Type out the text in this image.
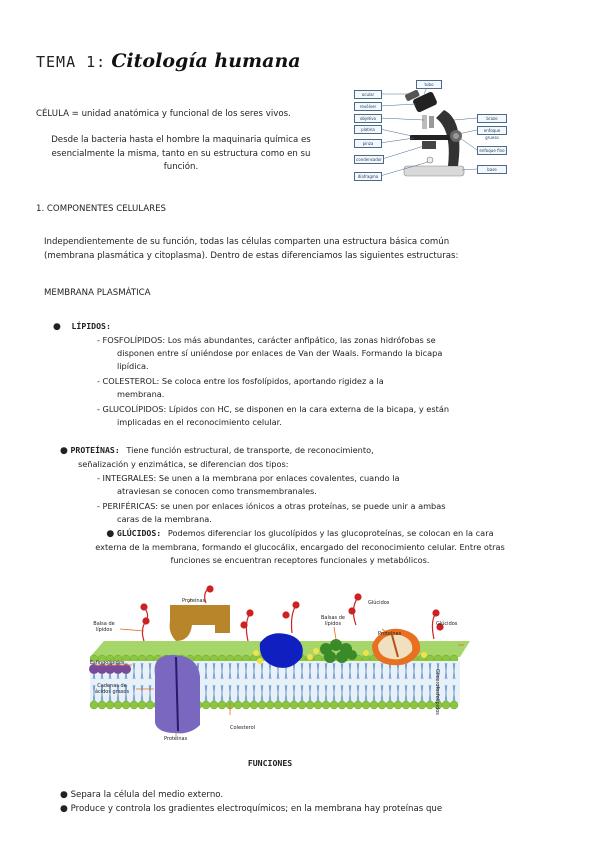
TEMA 1: Citología humana
CÉLULA = unidad anatómica y funcional de los seres vivos.
Desde la bacteria hasta el hombre la maquinaria química es
esencialmente la misma, tanto en su estructura como en su
función.
ocular
revólver
objetivo
platina
pinza
condensador
diafragma
tubo
brazo
enfoque grueso
enfoque fino
base
1. COMPONENTES CELULARES
Independientemente de su función, todas las células comparten una estructura básica común
(membrana plasmática y citoplasma). Dentro de estas diferenciamos las siguientes estructuras:
MEMBRANA PLASMÁTICA
● LÍPIDOS:
- FOSFOLÍPIDOS: Los más abundantes, carácter anfipático, las zonas hidrófobas se
disponen entre sí uniéndose por enlaces de Van der Waals. Formando la bicapa
lipídica.
- COLESTEROL: Se coloca entre los fosfolípidos, aportando rigidez a la
membrana.
- GLUCOLÍPIDOS: Lípidos con HC, se disponen en la cara externa de la bicapa, y están
implicadas en el reconocimiento celular.
● PROTEÍNAS: Tiene función estructural, de transporte, de reconocimiento,
señalización y enzimática, se diferencian dos tipos:
- INTEGRALES: Se unen a la membrana por enlaces covalentes, cuando la
atraviesan se conocen como transmembranales.
- PERIFÉRICAS: se unen por enlaces iónicos a otras proteínas, se puede unir a ambas
caras de la membrana.
● GLÚCIDOS: Podemos diferenciar los glucolípidos y las glucoproteínas, se colocan en la cara
externa de la membrana, formando el glucocálix, encargado del reconocimiento celular. Entre otras
funciones se encuentran receptores funcionales y metabólicos.
Proteínas
Balsa de lípidos
Esfingolípidos
Cadenas de ácidos grasos
Proteínas
Colesterol
Balsas de lípidos
Proteínas
Glúcidos
Glúcidos
Glicerofosfolípidos
FUNCIONES
● Separa la célula del medio externo.
● Produce y controla los gradientes electroquímicos; en la membrana hay proteínas que
